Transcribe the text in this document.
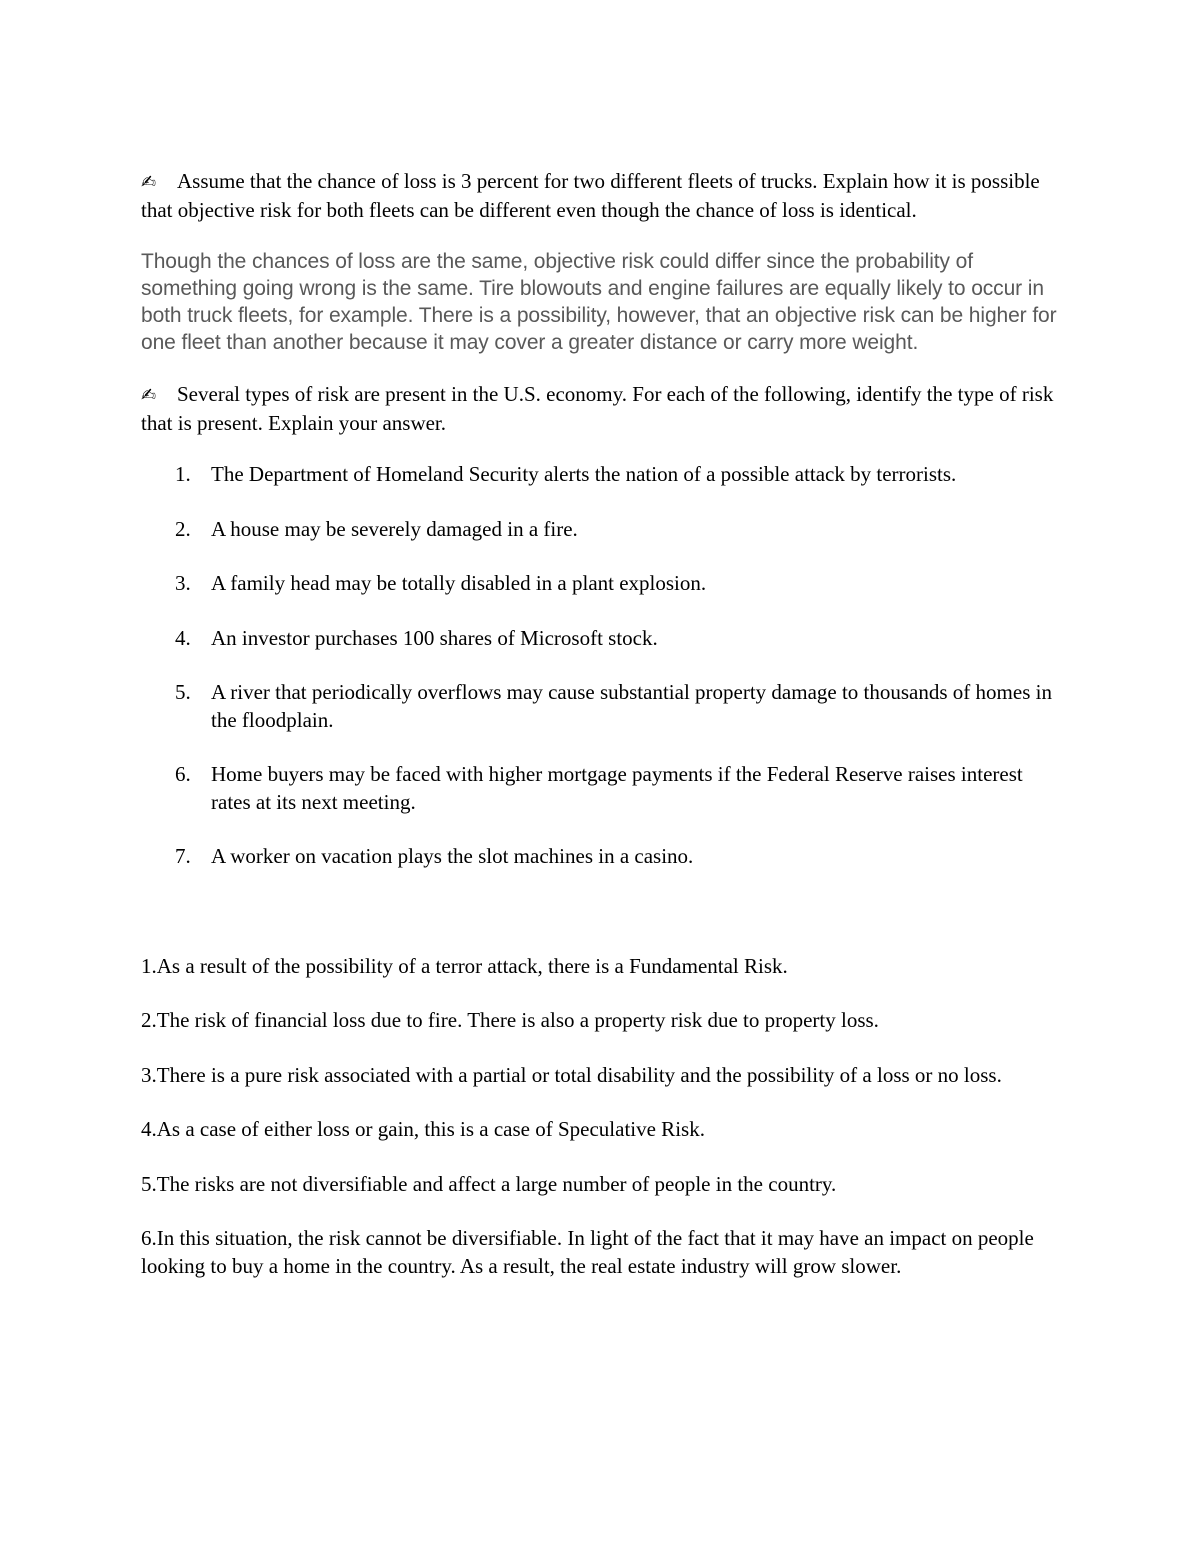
✍ Assume that the chance of loss is 3 percent for two different fleets of trucks. Explain how it is possible that objective risk for both fleets can be different even though the chance of loss is identical.

Though the chances of loss are the same, objective risk could differ since the probability of something going wrong is the same. Tire blowouts and engine failures are equally likely to occur in both truck fleets, for example. There is a possibility, however, that an objective risk can be higher for one fleet than another because it may cover a greater distance or carry more weight.

✍ Several types of risk are present in the U.S. economy. For each of the following, identify the type of risk that is present. Explain your answer.

1. The Department of Homeland Security alerts the nation of a possible attack by terrorists.
2. A house may be severely damaged in a fire.
3. A family head may be totally disabled in a plant explosion.
4. An investor purchases 100 shares of Microsoft stock.
5. A river that periodically overflows may cause substantial property damage to thousands of homes in the floodplain.
6. Home buyers may be faced with higher mortgage payments if the Federal Reserve raises interest rates at its next meeting.
7. A worker on vacation plays the slot machines in a casino.

1.As a result of the possibility of a terror attack, there is a Fundamental Risk.

2.The risk of financial loss due to fire. There is also a property risk due to property loss.

3.There is a pure risk associated with a partial or total disability and the possibility of a loss or no loss.

4.As a case of either loss or gain, this is a case of Speculative Risk.

5.The risks are not diversifiable and affect a large number of people in the country.

6.In this situation, the risk cannot be diversifiable. In light of the fact that it may have an impact on people looking to buy a home in the country. As a result, the real estate industry will grow slower.
